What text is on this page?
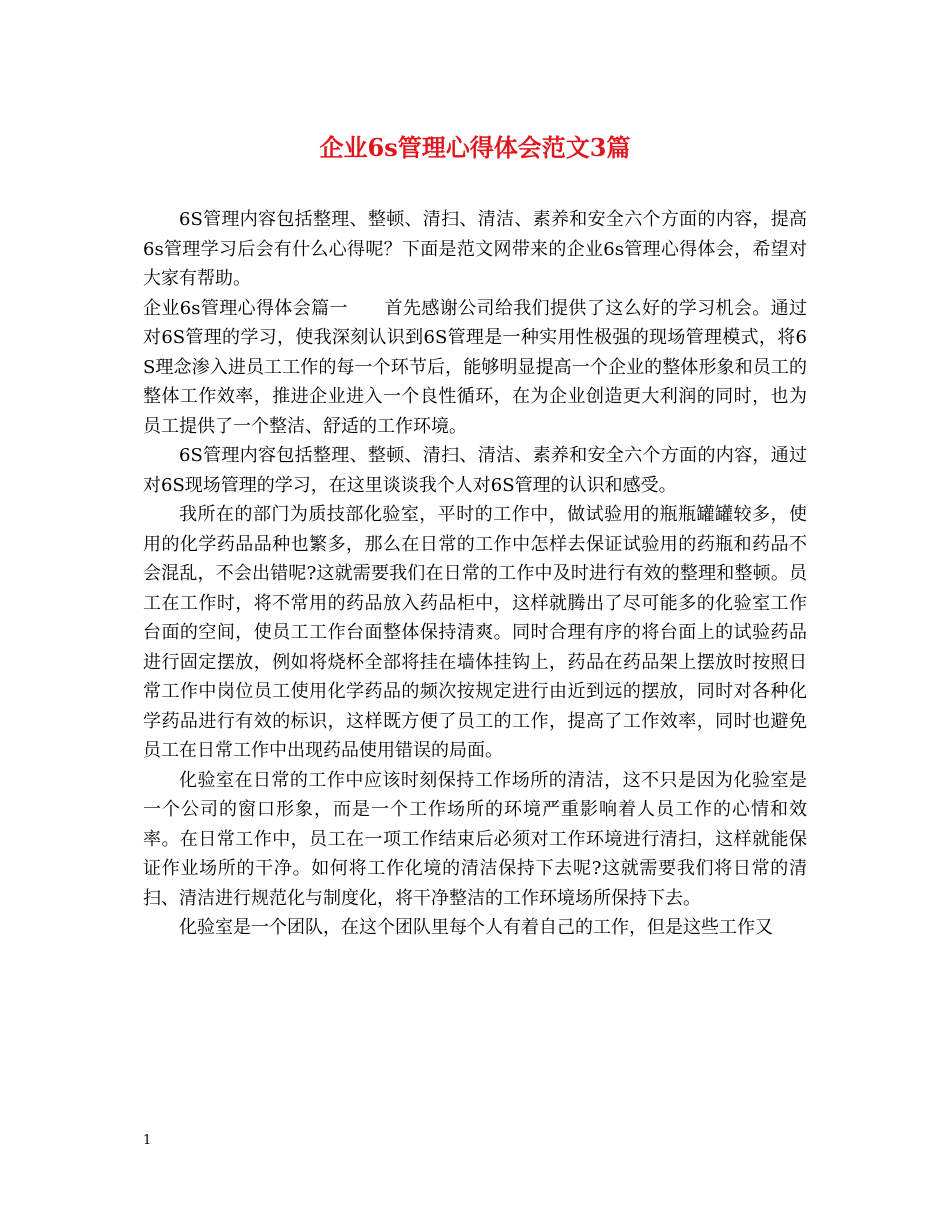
企业6s管理心得体会范文3篇

6S管理内容包括整理、整顿、清扫、清洁、素养和安全六个方面的内容，提高6s管理学习后会有什么心得呢？下面是范文网带来的企业6s管理心得体会，希望对大家有帮助。

企业6s管理心得体会篇一　　首先感谢公司给我们提供了这么好的学习机会。通过对6S管理的学习，使我深刻认识到6S管理是一种实用性极强的现场管理模式，将6S理念渗入进员工工作的每一个环节后，能够明显提高一个企业的整体形象和员工的整体工作效率，推进企业进入一个良性循环，在为企业创造更大利润的同时，也为员工提供了一个整洁、舒适的工作环境。

6S管理内容包括整理、整顿、清扫、清洁、素养和安全六个方面的内容，通过对6S现场管理的学习，在这里谈谈我个人对6S管理的认识和感受。

我所在的部门为质技部化验室，平时的工作中，做试验用的瓶瓶罐罐较多，使用的化学药品品种也繁多，那么在日常的工作中怎样去保证试验用的药瓶和药品不会混乱，不会出错呢?这就需要我们在日常的工作中及时进行有效的整理和整顿。员工在工作时，将不常用的药品放入药品柜中，这样就腾出了尽可能多的化验室工作台面的空间，使员工工作台面整体保持清爽。同时合理有序的将台面上的试验药品进行固定摆放，例如将烧杯全部将挂在墙体挂钩上，药品在药品架上摆放时按照日常工作中岗位员工使用化学药品的频次按规定进行由近到远的摆放，同时对各种化学药品进行有效的标识，这样既方便了员工的工作，提高了工作效率，同时也避免员工在日常工作中出现药品使用错误的局面。

化验室在日常的工作中应该时刻保持工作场所的清洁，这不只是因为化验室是一个公司的窗口形象，而是一个工作场所的环境严重影响着人员工作的心情和效率。在日常工作中，员工在一项工作结束后必须对工作环境进行清扫，这样就能保证作业场所的干净。如何将工作化境的清洁保持下去呢?这就需要我们将日常的清扫、清洁进行规范化与制度化，将干净整洁的工作环境场所保持下去。

化验室是一个团队，在这个团队里每个人有着自己的工作，但是这些工作又

1
